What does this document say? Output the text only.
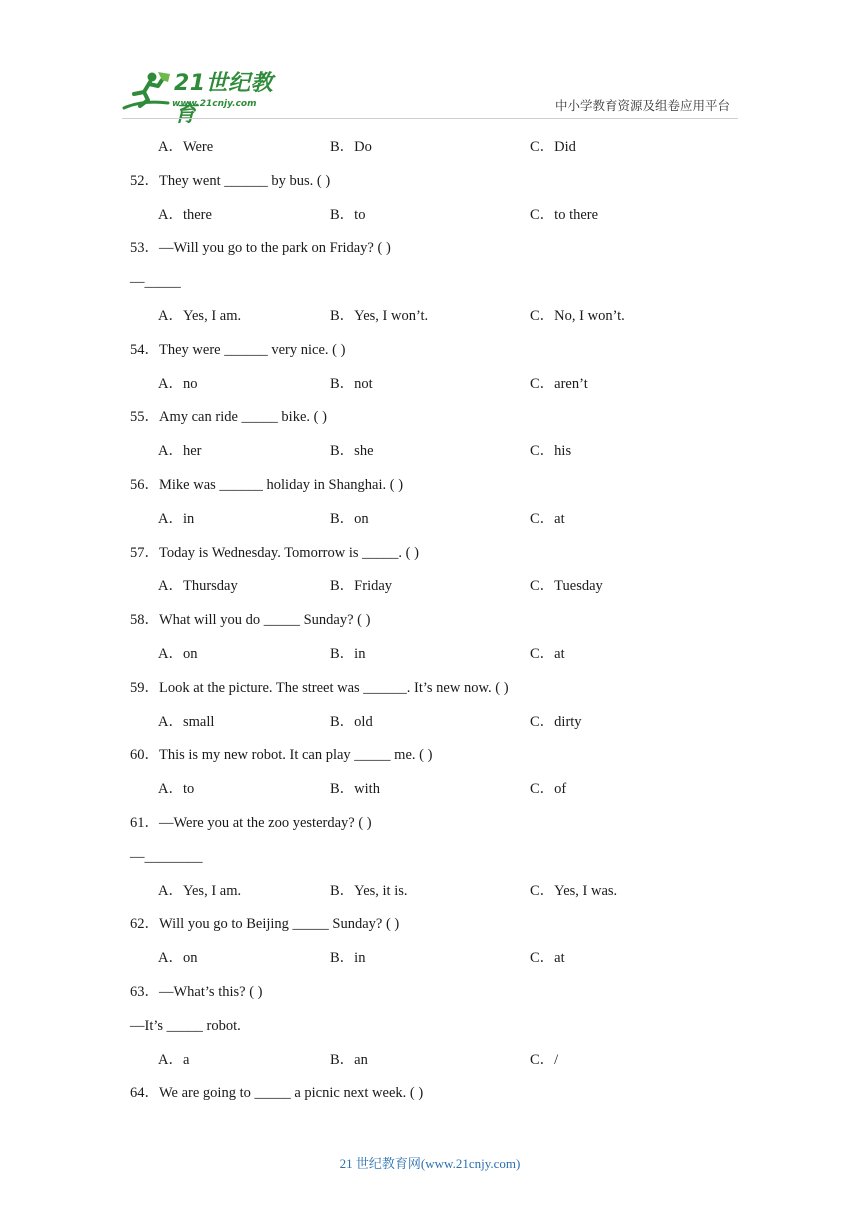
21世纪教育
www.21cnjy.com	中小学教育资源及组卷应用平台
A．Were	B．Do	C．Did
52．They went ______ by bus. ( )
A．there	B．to	C．to there
53．—Will you go to the park on Friday? ( )
—_____
A．Yes, I am.	B．Yes, I won’t.	C．No, I won’t.
54．They were ______ very nice. ( )
A．no	B．not	C．aren’t
55．Amy can ride _____ bike. ( )
A．her	B．she	C．his
56．Mike was ______ holiday in Shanghai. ( )
A．in	B．on	C．at
57．Today is Wednesday. Tomorrow is _____. ( )
A．Thursday	B．Friday	C．Tuesday
58．What will you do _____ Sunday? ( )
A．on	B．in	C．at
59．Look at the picture. The street was ______. It’s new now. ( )
A．small	B．old	C．dirty
60．This is my new robot. It can play _____ me. ( )
A．to	B．with	C．of
61．—Were you at the zoo yesterday? ( )
—________
A．Yes, I am.	B．Yes, it is.	C．Yes, I was.
62．Will you go to Beijing _____ Sunday? ( )
A．on	B．in	C．at
63．—What’s this? ( )
—It’s _____ robot.
A．a	B．an	C．/
64．We are going to _____ a picnic next week. ( )
21 世纪教育网(www.21cnjy.com)
